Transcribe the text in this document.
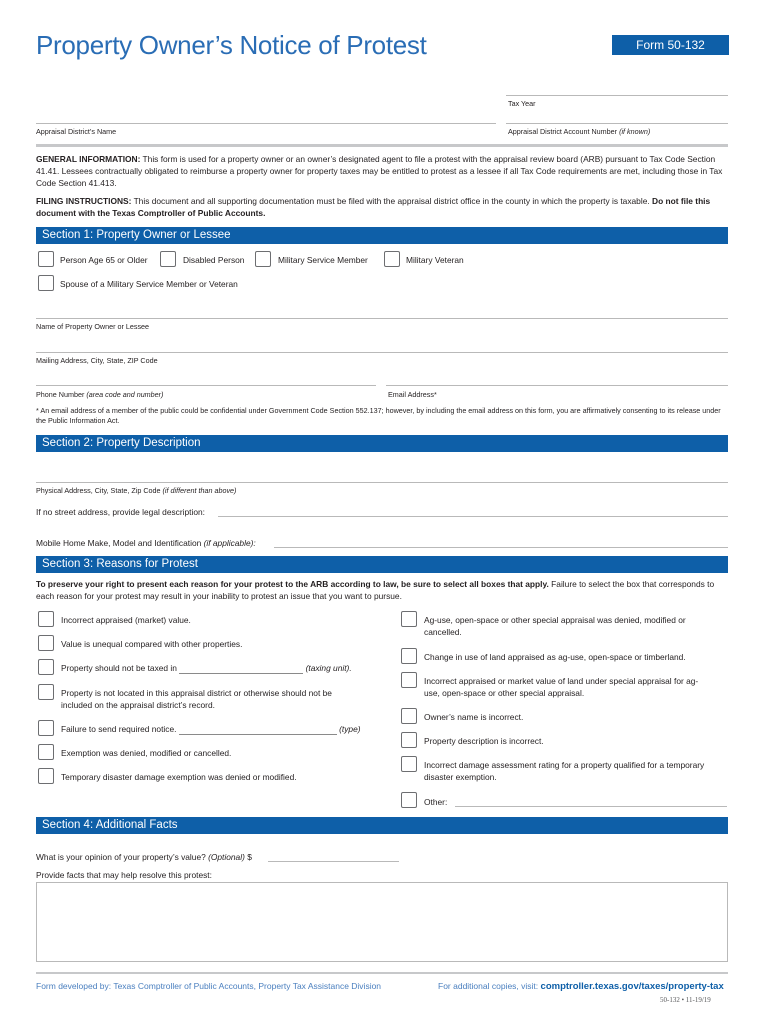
Property Owner’s Notice of Protest	Form 50-132
Tax Year
Appraisal District’s Name	Appraisal District Account Number (if known)
GENERAL INFORMATION: This form is used for a property owner or an owner’s designated agent to file a protest with the appraisal review board (ARB) pursuant to Tax Code Section 41.41. Lessees contractually obligated to reimburse a property owner for property taxes may be entitled to protest as a lessee if all Tax Code requirements are met, including those in Tax Code Section 41.413.
FILING INSTRUCTIONS: This document and all supporting documentation must be filed with the appraisal district office in the county in which the property is taxable. Do not file this document with the Texas Comptroller of Public Accounts.
Section 1: Property Owner or Lessee
Person Age 65 or Older	Disabled Person	Military Service Member	Military Veteran
Spouse of a Military Service Member or Veteran
Name of Property Owner or Lessee
Mailing Address, City, State, ZIP Code
Phone Number (area code and number)	Email Address*
* An email address of a member of the public could be confidential under Government Code Section 552.137; however, by including the email address on this form, you are affirmatively consenting to its release under the Public Information Act.
Section 2: Property Description
Physical Address, City, State, Zip Code (if different than above)
If no street address, provide legal description:
Mobile Home Make, Model and Identification (if applicable):
Section 3: Reasons for Protest
To preserve your right to present each reason for your protest to the ARB according to law, be sure to select all boxes that apply. Failure to select the box that corresponds to each reason for your protest may result in your inability to protest an issue that you want to pursue.
Incorrect appraised (market) value.
Value is unequal compared with other properties.
Property should not be taxed in	(taxing unit).
Property is not located in this appraisal district or otherwise should not be included on the appraisal district’s record.
Failure to send required notice.	(type)
Exemption was denied, modified or cancelled.
Temporary disaster damage exemption was denied or modified.
Ag-use, open-space or other special appraisal was denied, modified or cancelled.
Change in use of land appraised as ag-use, open-space or timberland.
Incorrect appraised or market value of land under special appraisal for ag-use, open-space or other special appraisal.
Owner’s name is incorrect.
Property description is incorrect.
Incorrect damage assessment rating for a property qualified for a temporary disaster exemption.
Other:
Section 4: Additional Facts
What is your opinion of your property’s value? (Optional) $
Provide facts that may help resolve this protest:
Form developed by: Texas Comptroller of Public Accounts, Property Tax Assistance Division	For additional copies, visit: comptroller.texas.gov/taxes/property-tax
50-132 • 11-19/19
